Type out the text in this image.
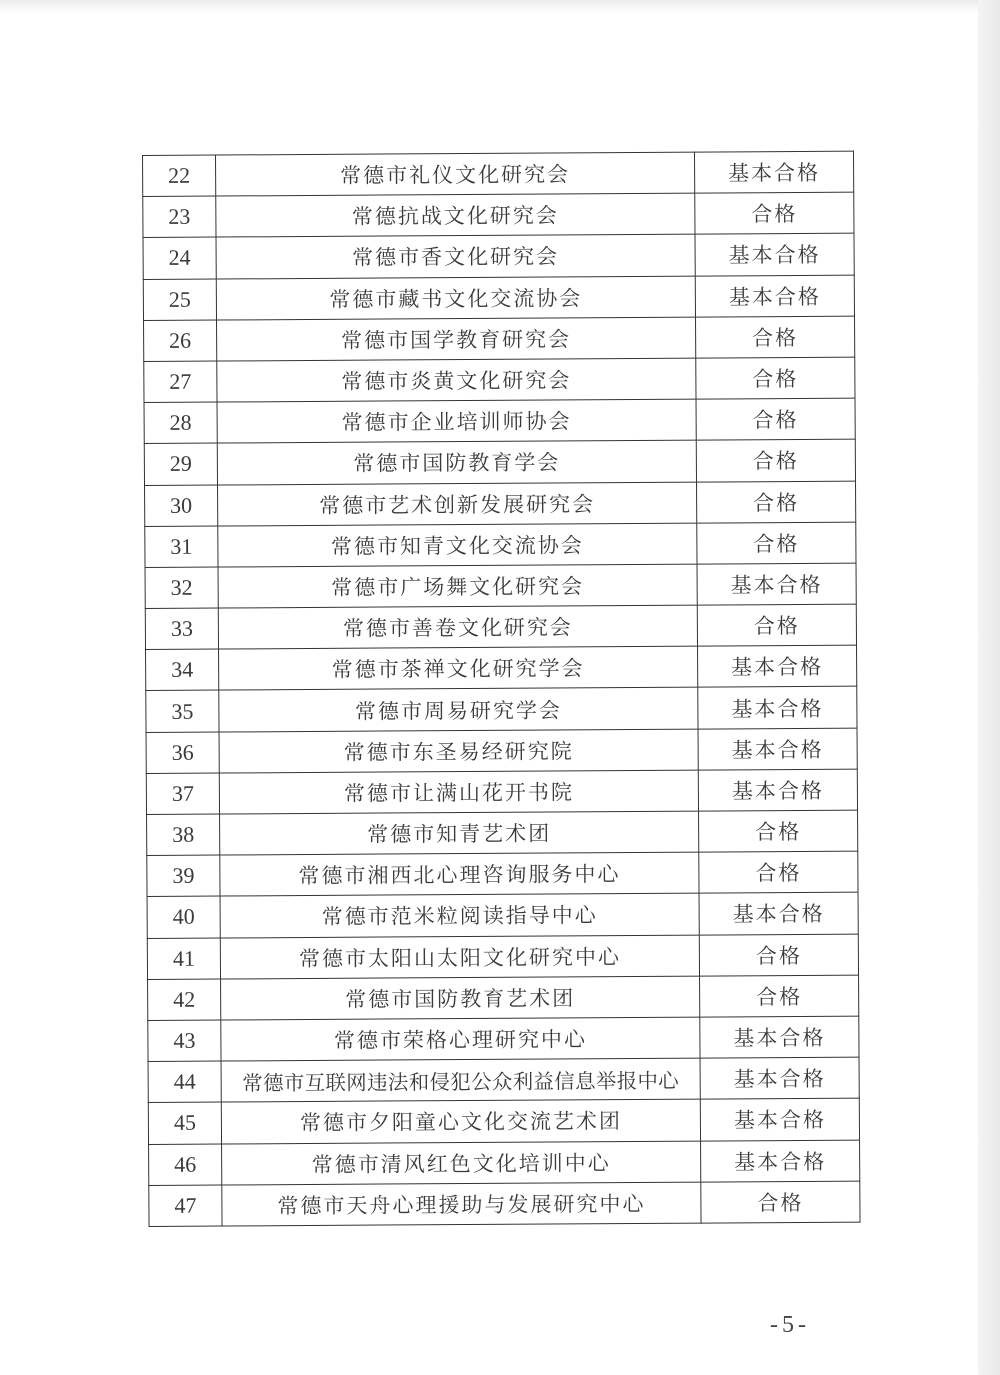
22	常德市礼仪文化研究会	基本合格
23	常德抗战文化研究会	合格
24	常德市香文化研究会	基本合格
25	常德市藏书文化交流协会	基本合格
26	常德市国学教育研究会	合格
27	常德市炎黄文化研究会	合格
28	常德市企业培训师协会	合格
29	常德市国防教育学会	合格
30	常德市艺术创新发展研究会	合格
31	常德市知青文化交流协会	合格
32	常德市广场舞文化研究会	基本合格
33	常德市善卷文化研究会	合格
34	常德市茶禅文化研究学会	基本合格
35	常德市周易研究学会	基本合格
36	常德市东圣易经研究院	基本合格
37	常德市让满山花开书院	基本合格
38	常德市知青艺术团	合格
39	常德市湘西北心理咨询服务中心	合格
40	常德市范米粒阅读指导中心	基本合格
41	常德市太阳山太阳文化研究中心	合格
42	常德市国防教育艺术团	合格
43	常德市荣格心理研究中心	基本合格
44	常德市互联网违法和侵犯公众利益信息举报中心	基本合格
45	常德市夕阳童心文化交流艺术团	基本合格
46	常德市清风红色文化培训中心	基本合格
47	常德市天舟心理援助与发展研究中心	合格
-5-
